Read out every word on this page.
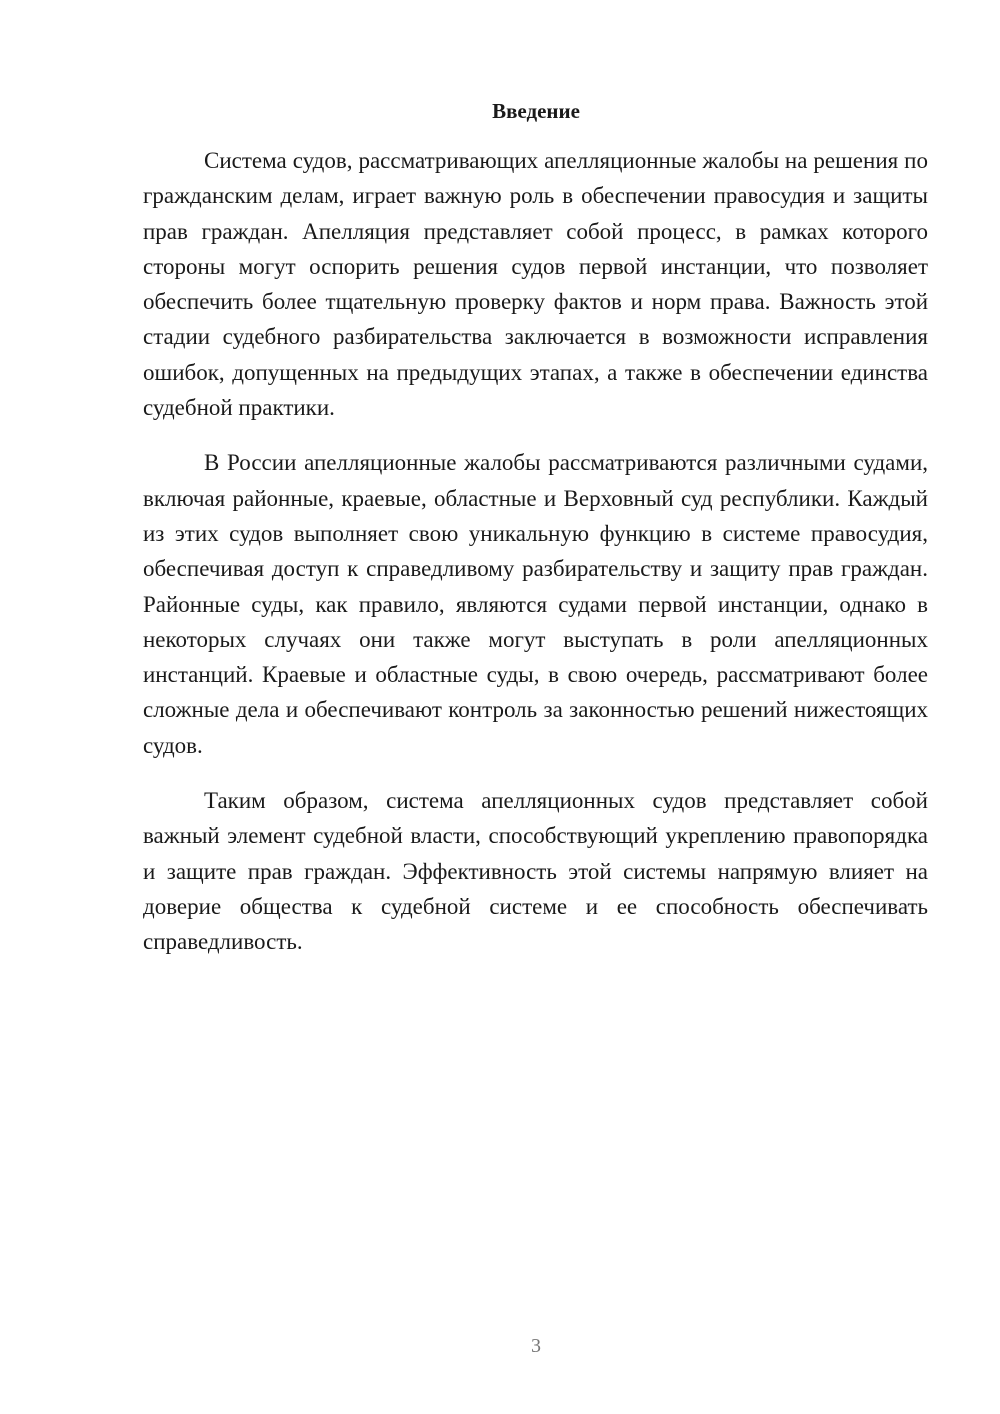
Введение

Система судов, рассматривающих апелляционные жалобы на решения по гражданским делам, играет важную роль в обеспечении правосудия и защиты прав граждан. Апелляция представляет собой процесс, в рамках которого стороны могут оспорить решения судов первой инстанции, что позволяет обеспечить более тщательную проверку фактов и норм права. Важность этой стадии судебного разбирательства заключается в возможности исправления ошибок, допущенных на предыдущих этапах, а также в обеспечении единства судебной практики.

В России апелляционные жалобы рассматриваются различными судами, включая районные, краевые, областные и Верховный суд республики. Каждый из этих судов выполняет свою уникальную функцию в системе правосудия, обеспечивая доступ к справедливому разбирательству и защиту прав граждан. Районные суды, как правило, являются судами первой инстанции, однако в некоторых случаях они также могут выступать в роли апелляционных инстанций. Краевые и областные суды, в свою очередь, рассматривают более сложные дела и обеспечивают контроль за законностью решений нижестоящих судов.

Таким образом, система апелляционных судов представляет собой важный элемент судебной власти, способствующий укреплению правопорядка и защите прав граждан. Эффективность этой системы напрямую влияет на доверие общества к судебной системе и ее способность обеспечивать справедливость.

3
